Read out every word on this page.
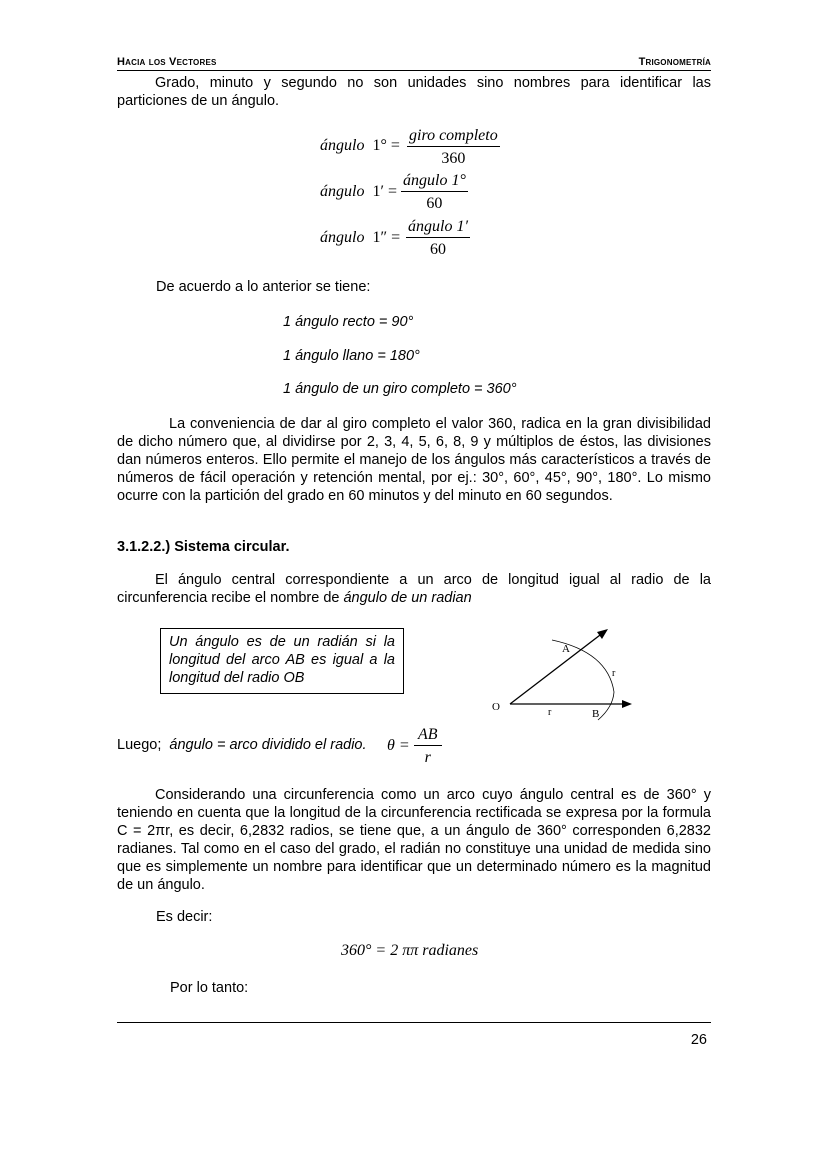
Hacia los Vectores	Trigonometría

Grado, minuto y segundo no son unidades sino nombres para identificar las particiones de un ángulo.

ángulo 1° =
giro completo
360
ángulo 1′ =
ángulo 1°
60
ángulo 1″ =
ángulo 1′
60

De acuerdo a lo anterior se tiene:

1 ángulo recto = 90°

1 ángulo llano = 180°

1 ángulo de un giro completo = 360°

La conveniencia de dar al giro completo el valor 360, radica en la gran divisibilidad de dicho número que, al dividirse por 2, 3, 4, 5, 6, 8, 9 y múltiplos de éstos, las divisiones dan números enteros. Ello permite el manejo de los ángulos más característicos a través de números de fácil operación y retención mental, por ej.: 30°, 60°, 45°, 90°, 180°. Lo mismo ocurre con la partición del grado en 60 minutos y del minuto en 60 segundos.

3.1.2.2.) Sistema circular.

El ángulo central correspondiente a un arco de longitud igual al radio de la circunferencia recibe el nombre de ángulo de un radian

Un ángulo es de un radián si la longitud del arco AB es igual a la longitud del radio OB
O
A
B
r
r
Luego; ángulo = arco dividido el radio. $\theta = \frac{AB}{r}$

Considerando una circunferencia como un arco cuyo ángulo central es de 360° y teniendo en cuenta que la longitud de la circunferencia rectificada se expresa por la formula C = 2πr, es decir, 6,2832 radios, se tiene que, a un ángulo de 360° corresponden 6,2832 radianes. Tal como en el caso del grado, el radián no constituye una unidad de medida sino que es simplemente un nombre para identificar que un determinado número es la magnitud de un ángulo.

Es decir:

360° = 2 ππ radianes

Por lo tanto:

26
